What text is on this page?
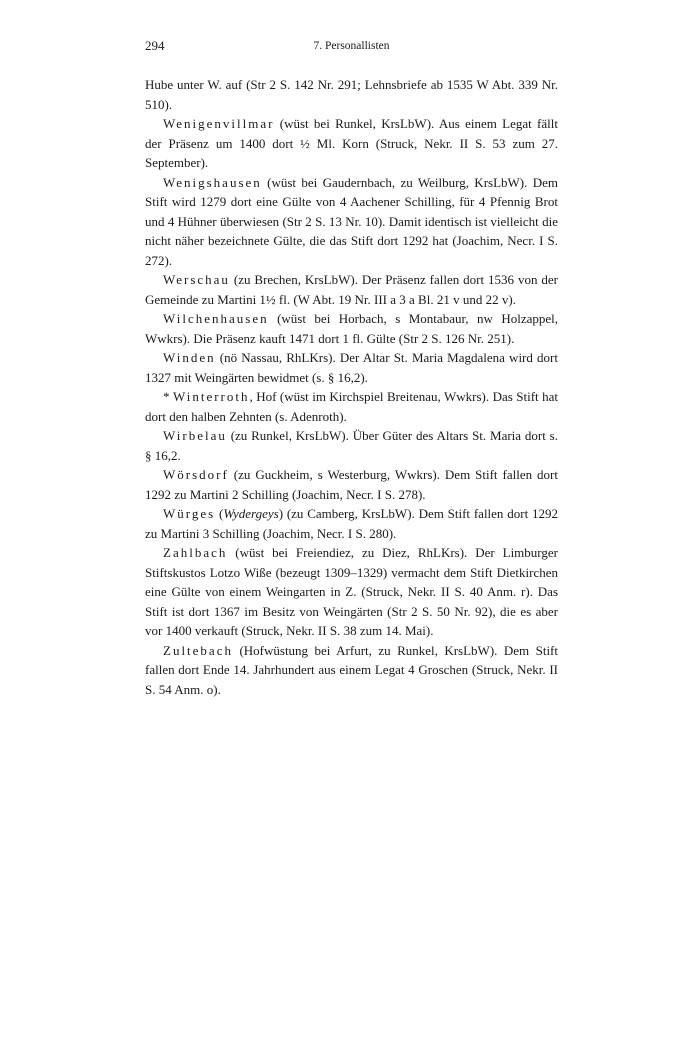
294	7. Personallisten

Hube unter W. auf (Str 2 S. 142 Nr. 291; Lehnsbriefe ab 1535 W Abt. 339 Nr. 510).

Wenigenvillmar (wüst bei Runkel, KrsLbW). Aus einem Legat fällt der Präsenz um 1400 dort ½ Ml. Korn (Struck, Nekr. II S. 53 zum 27. September).

Wenigshausen (wüst bei Gaudernbach, zu Weilburg, KrsLbW). Dem Stift wird 1279 dort eine Gülte von 4 Aachener Schilling, für 4 Pfennig Brot und 4 Hühner überwiesen (Str 2 S. 13 Nr. 10). Damit identisch ist vielleicht die nicht näher bezeichnete Gülte, die das Stift dort 1292 hat (Joachim, Necr. I S. 272).

Werschau (zu Brechen, KrsLbW). Der Präsenz fallen dort 1536 von der Gemeinde zu Martini 1½ fl. (W Abt. 19 Nr. III a 3 a Bl. 21 v und 22 v).

Wilchenhausen (wüst bei Horbach, s Montabaur, nw Holzappel, Wwkrs). Die Präsenz kauft 1471 dort 1 fl. Gülte (Str 2 S. 126 Nr. 251).

Winden (nö Nassau, RhLKrs). Der Altar St. Maria Magdalena wird dort 1327 mit Weingärten bewidmet (s. § 16,2).

* Winterroth, Hof (wüst im Kirchspiel Breitenau, Wwkrs). Das Stift hat dort den halben Zehnten (s. Adenroth).

Wirbelau (zu Runkel, KrsLbW). Über Güter des Altars St. Maria dort s. § 16,2.

Wörsdorf (zu Guckheim, s Westerburg, Wwkrs). Dem Stift fallen dort 1292 zu Martini 2 Schilling (Joachim, Necr. I S. 278).

Würges (Wydergeys) (zu Camberg, KrsLbW). Dem Stift fallen dort 1292 zu Martini 3 Schilling (Joachim, Necr. I S. 280).

Zahlbach (wüst bei Freiendiez, zu Diez, RhLKrs). Der Limburger Stiftskustos Lotzo Wiße (bezeugt 1309–1329) vermacht dem Stift Dietkirchen eine Gülte von einem Weingarten in Z. (Struck, Nekr. II S. 40 Anm. r). Das Stift ist dort 1367 im Besitz von Weingärten (Str 2 S. 50 Nr. 92), die es aber vor 1400 verkauft (Struck, Nekr. II S. 38 zum 14. Mai).

Zultebach (Hofwüstung bei Arfurt, zu Runkel, KrsLbW). Dem Stift fallen dort Ende 14. Jahrhundert aus einem Legat 4 Groschen (Struck, Nekr. II S. 54 Anm. o).
